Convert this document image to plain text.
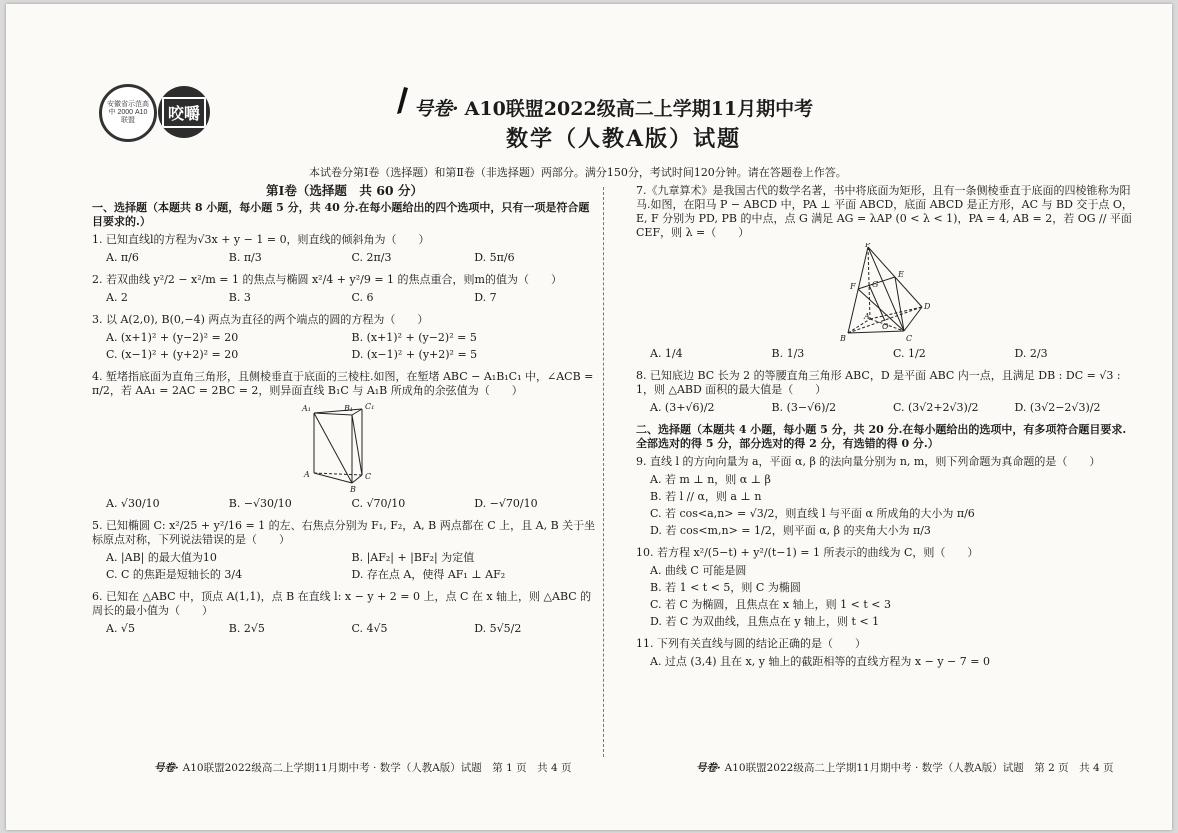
安徽省示范高中 2000 A10 联盟	咬嚼	号卷· A10联盟2022级高二上学期11月期中考
数学（人教A版）试题
本试卷分第Ⅰ卷（选择题）和第Ⅱ卷（非选择题）两部分。满分150分，考试时间120分钟。请在答题卷上作答。
第Ⅰ卷（选择题　共 60 分）
一、选择题（本题共 8 小题，每小题 5 分，共 40 分.在每小题给出的四个选项中，只有一项是符合题目要求的.）
1. 已知直线l的方程为√3x + y − 1 = 0，则直线的倾斜角为（　　）
A. π/6	B. π/3	C. 2π/3	D. 5π/6
2. 若双曲线 y²/2 − x²/m = 1 的焦点与椭圆 x²/4 + y²/9 = 1 的焦点重合，则m的值为（　　）
A. 2	B. 3	C. 6	D. 7
3. 以 A(2,0), B(0,−4) 两点为直径的两个端点的圆的方程为（　　）
A. (x+1)² + (y−2)² = 20	B. (x+1)² + (y−2)² = 5
C. (x−1)² + (y+2)² = 20	D. (x−1)² + (y+2)² = 5
4. 堑堵指底面为直角三角形，且侧棱垂直于底面的三棱柱.如图，在堑堵 ABC − A₁B₁C₁ 中，∠ACB = π/2，若 AA₁ = 2AC = 2BC = 2，则异面直线 B₁C 与 A₁B 所成角的余弦值为（　　）
A₁	B₁ C₁
A	C
B
A. √30/10	B. −√30/10	C. √70/10	D. −√70/10
5. 已知椭圆 C: x²/25 + y²/16 = 1 的左、右焦点分别为 F₁, F₂，A, B 两点都在 C 上，且 A, B 关于坐标原点对称，下列说法错误的是（　　）
A. |AB| 的最大值为10	B. |AF₂| + |BF₂| 为定值
C. C 的焦距是短轴长的 3/4	D. 存在点 A，使得 AF₁ ⊥ AF₂
6. 已知在 △ABC 中，顶点 A(1,1)，点 B 在直线 l: x − y + 2 = 0 上，点 C 在 x 轴上，则 △ABC 的周长的最小值为（　　）
A. √5	B. 2√5	C. 4√5	D. 5√5/2
7.《九章算术》是我国古代的数学名著，书中将底面为矩形，且有一条侧棱垂直于底面的四棱锥称为阳马.如图，在阳马 P − ABCD 中，PA ⊥ 平面 ABCD，底面 ABCD 是正方形，AC 与 BD 交于点 O，E, F 分别为 PD, PB 的中点，点 G 满足 AG = λAP (0 < λ < 1)，PA = 4, AB = 2，若 OG // 平面 CEF，则 λ =（　　）
P
E
F G
D
A
O
B	C
A. 1/4	B. 1/3	C. 1/2	D. 2/3
8. 已知底边 BC 长为 2 的等腰直角三角形 ABC，D 是平面 ABC 内一点，且满足 DB : DC = √3 : 1，则 △ABD 面积的最大值是（　　）
A. (3+√6)/2	B. (3−√6)/2	C. (3√2+2√3)/2	D. (3√2−2√3)/2
二、选择题（本题共 4 小题，每小题 5 分，共 20 分.在每小题给出的选项中，有多项符合题目要求.全部选对的得 5 分，部分选对的得 2 分，有选错的得 0 分.）
9. 直线 l 的方向向量为 a，平面 α, β 的法向量分别为 n, m，则下列命题为真命题的是（　　）
A. 若 m ⊥ n，则 α ⊥ β
B. 若 l // α，则 a ⊥ n
C. 若 cos<a,n> = √3/2，则直线 l 与平面 α 所成角的大小为 π/6
D. 若 cos<m,n> = 1/2，则平面 α, β 的夹角大小为 π/3
10. 若方程 x²/(5−t) + y²/(t−1) = 1 所表示的曲线为 C，则（　　）
A. 曲线 C 可能是圆
B. 若 1 < t < 5，则 C 为椭圆
C. 若 C 为椭圆，且焦点在 x 轴上，则 1 < t < 3
D. 若 C 为双曲线，且焦点在 y 轴上，则 t < 1
11. 下列有关直线与圆的结论正确的是（　　）
A. 过点 (3,4) 且在 x, y 轴上的截距相等的直线方程为 x − y − 7 = 0
号卷· A10联盟2022级高二上学期11月期中考 · 数学（人教A版）试题　第 1 页　共 4 页	号卷· A10联盟2022级高二上学期11月期中考 · 数学（人教A版）试题　第 2 页　共 4 页
